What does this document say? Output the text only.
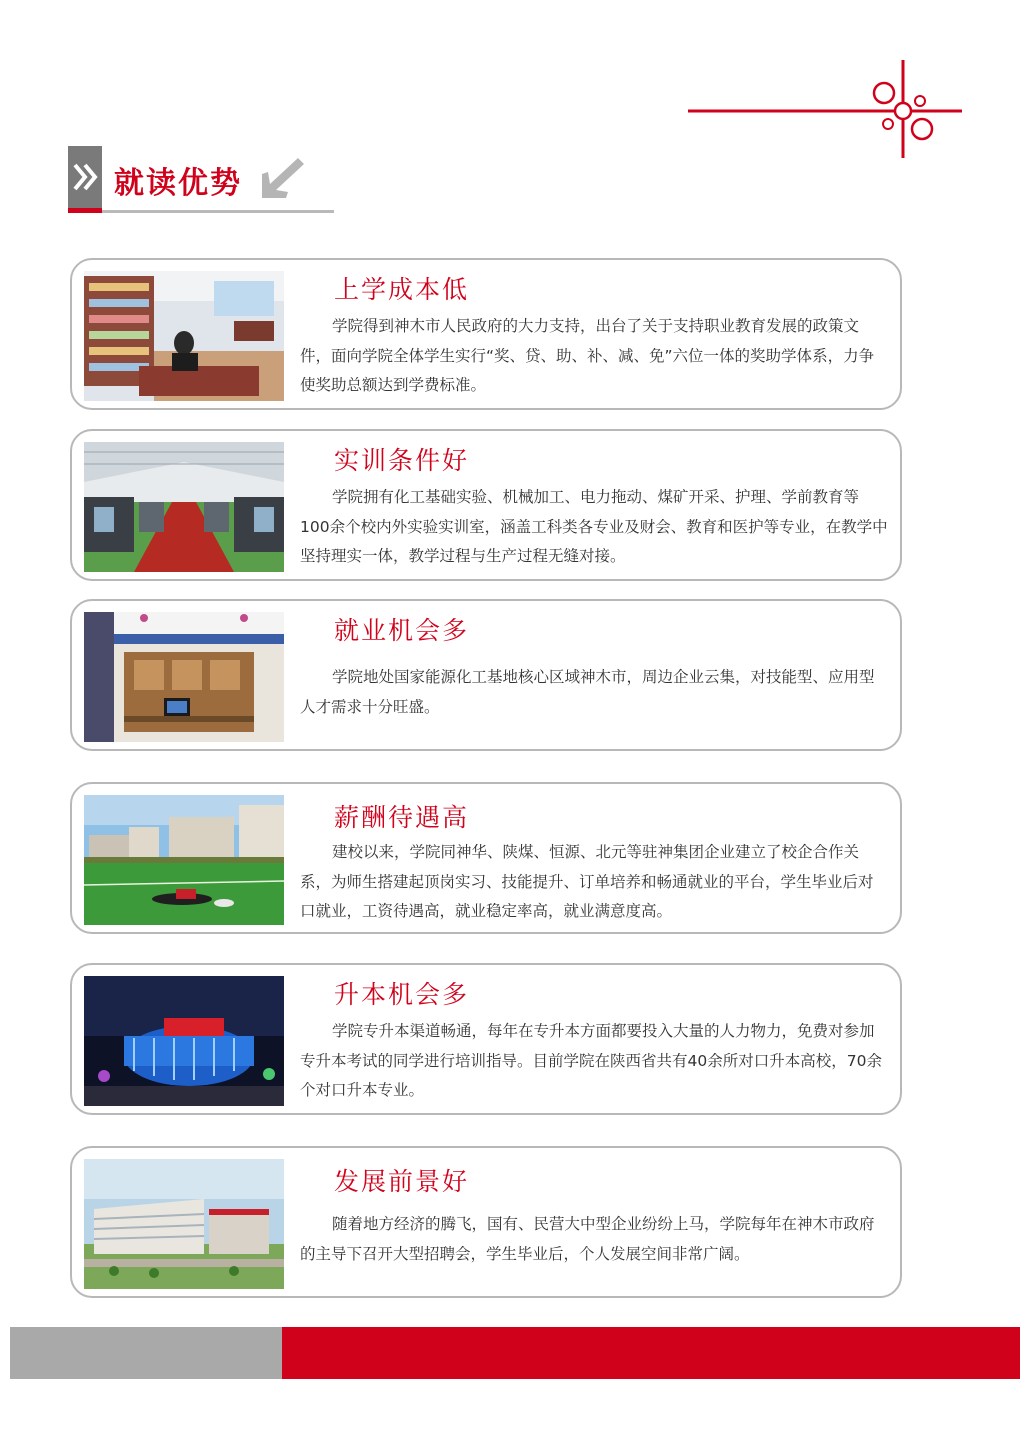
就读优势
上学成本低
学院得到神木市人民政府的大力支持，出台了关于支持职业教育发展的政策文件，面向学院全体学生实行“奖、贷、助、补、减、免”六位一体的奖助学体系，力争使奖助总额达到学费标准。
实训条件好
学院拥有化工基础实验、机械加工、电力拖动、煤矿开采、护理、学前教育等100余个校内外实验实训室，涵盖工科类各专业及财会、教育和医护等专业，在教学中坚持理实一体，教学过程与生产过程无缝对接。
就业机会多
学院地处国家能源化工基地核心区域神木市，周边企业云集，对技能型、应用型人才需求十分旺盛。
薪酬待遇高
建校以来，学院同神华、陕煤、恒源、北元等驻神集团企业建立了校企合作关系，为师生搭建起顶岗实习、技能提升、订单培养和畅通就业的平台，学生毕业后对口就业，工资待遇高，就业稳定率高，就业满意度高。
升本机会多
学院专升本渠道畅通，每年在专升本方面都要投入大量的人力物力，免费对参加专升本考试的同学进行培训指导。目前学院在陕西省共有40余所对口升本高校，70余个对口升本专业。
发展前景好
随着地方经济的腾飞，国有、民营大中型企业纷纷上马，学院每年在神木市政府的主导下召开大型招聘会，学生毕业后，个人发展空间非常广阔。
